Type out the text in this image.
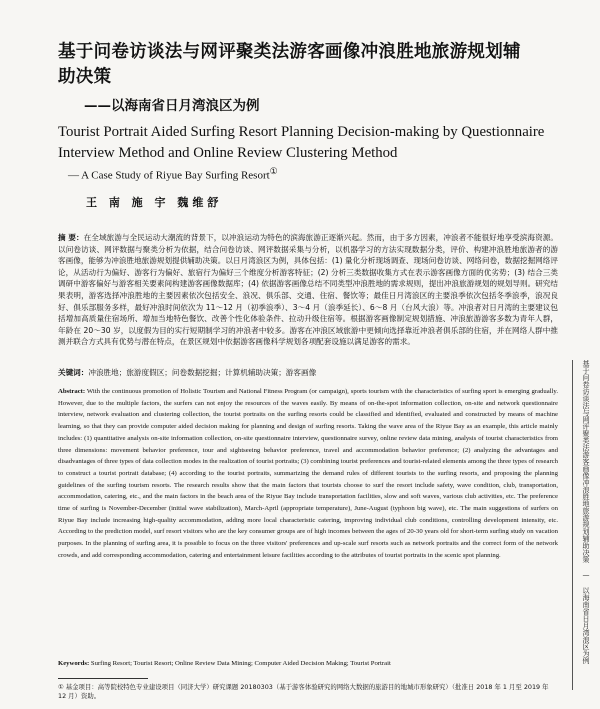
基于问卷访谈法与网评聚类法游客画像冲浪胜地旅游规划辅助决策
——以海南省日月湾浪区为例
Tourist Portrait Aided Surfing Resort Planning Decision-making by Questionnaire Interview Method and Online Review Clustering Method
— A Case Study of Riyue Bay Surfing Resort①
王 南 施 宇 魏维舒
摘 要：在全域旅游与全民运动大潮流的背景下，以冲浪运动为特色的滨海旅游正逐渐兴起。然而，由于多方因素，冲浪者不能很好地享受滨海资源。以问卷访谈、网评数据与聚类分析为依据，结合问卷访谈、网评数据采集与分析，以机器学习的方法实现数据分类，评价、构建冲浪胜地旅游者的游客画像，能够为冲浪胜地旅游规划提供辅助决策。以日月湾浪区为例，具体包括：(1) 量化分析现场调查、现场问卷访谈、网络问卷，数据挖掘网络评论，从活动行为偏好、游客行为偏好、旅宿行为偏好三个维度分析游客特征；(2) 分析三类数据收集方式在表示游客画像方面的优劣势；(3) 结合三类调研中游客偏好与游客相关要素间构建游客画像数据库；(4) 依据游客画像总结不同类型冲浪胜地的需求规则，提出冲浪旅游规划的规划导则。研究结果表明，游客选择冲浪胜地的主要因素依次包括安全、浪况、俱乐部、交通、住宿、餐饮等；最佳日月湾浪区的主要浪季依次包括冬季浪季，浪况良好、俱乐部服务多样，最好冲浪时间依次为 11～12 月（初季浪季）、3～4 月（浪季延长）、6～8 月（台风大浪）等。冲浪者对日月湾的主要建议包括增加高质量住宿场所、增加当地特色餐饮、改善个性化体验条件、拉动升级住宿等。根据游客画像制定规划措施、冲浪旅游游客多数为青年人群，年龄在 20～30 岁，以度假为目的实行短期制学习的冲浪者中较多。游客在冲浪区域旅游中更倾向选择靠近冲浪者俱乐部的住宿，并在网络人群中推测并联合方式具有优势与潜在特点，在景区规划中依据游客画像科学规划各项配套设施以满足游客的需求。
关键词：冲浪胜地；旅游度假区；问卷数据挖掘；计算机辅助决策；游客画像
Abstract: With the continuous promotion of Holistic Tourism and National Fitness Program (or campaign), sports tourism with the characteristics of surfing sport is emerging gradually. However, due to the multiple factors, the surfers can not enjoy the resources of the waves easily. By means of on-the-spot information collection, on-site and network questionnaire interview, network evaluation and clustering collection, the tourist portraits on the surfing resorts could be classified and identified, evaluated and constructed by means of machine learning, so that they can provide computer aided decision making for planning and design of surfing resorts. Taking the wave area of the Riyue Bay as an example, this article mainly includes: (1) quantitative analysis on-site information collection, on-site questionnaire interview, questionnaire survey, online review data mining, analysis of tourist characteristics from three dimensions: movement behavior preference, tour and sightseeing behavior preference, travel and accommodation behavior preference; (2) analyzing the advantages and disadvantages of three types of data collection modes in the realization of tourist portraits; (3) combining tourist preferences and tourist-related elements among the three types of research to construct a tourist portrait database; (4) according to the tourist portraits, summarizing the demand rules of different tourists to the surfing resorts, and proposing the planning guidelines of the surfing tourism resorts. The research results show that the main factors that tourists choose to surf the resort include safety, wave condition, club, transportation, accommodation, catering, etc., and the main factors in the beach area of the Riyue Bay include transportation facilities, slow and soft waves, various club activities, etc. The preference time of surfing is November-December (initial wave stabilization), March-April (appropriate temperature), June-August (typhoon big wave), etc. The main suggestions of surfers on Riyue Bay include increasing high-quality accommodation, adding more local characteristic catering, improving individual club conditions, controlling development intensity, etc. According to the prediction model, surf resort visitors who are the key consumer groups are of high incomes between the ages of 20-30 years old for short-term surfing study on vacation purposes. In the planning of surfing area, it is possible to focus on the three visitors' preferences and up-scale surf resorts such as network portraits and the correct form of the network crowds, and add corresponding accommodation, catering and entertainment leisure facilities according to the attributes of tourist portraits in the scenic spot planning.
Keywords: Surfing Resort; Tourist Resort; Online Review Data Mining; Computer Aided Decision Making; Tourist Portrait
① 基金项目：高等院校特色专业建设项目（同济大学）研究课题 20180303（基于游客体验研究的网络大数据的旅游目的地城市形象研究）（批准日 2018 年 1 月至 2019 年 12 月）资助。
基于问卷访谈法与网评聚类法游客画像冲浪胜地旅游规划辅助决策 — 以海南省日月湾浪区为例
